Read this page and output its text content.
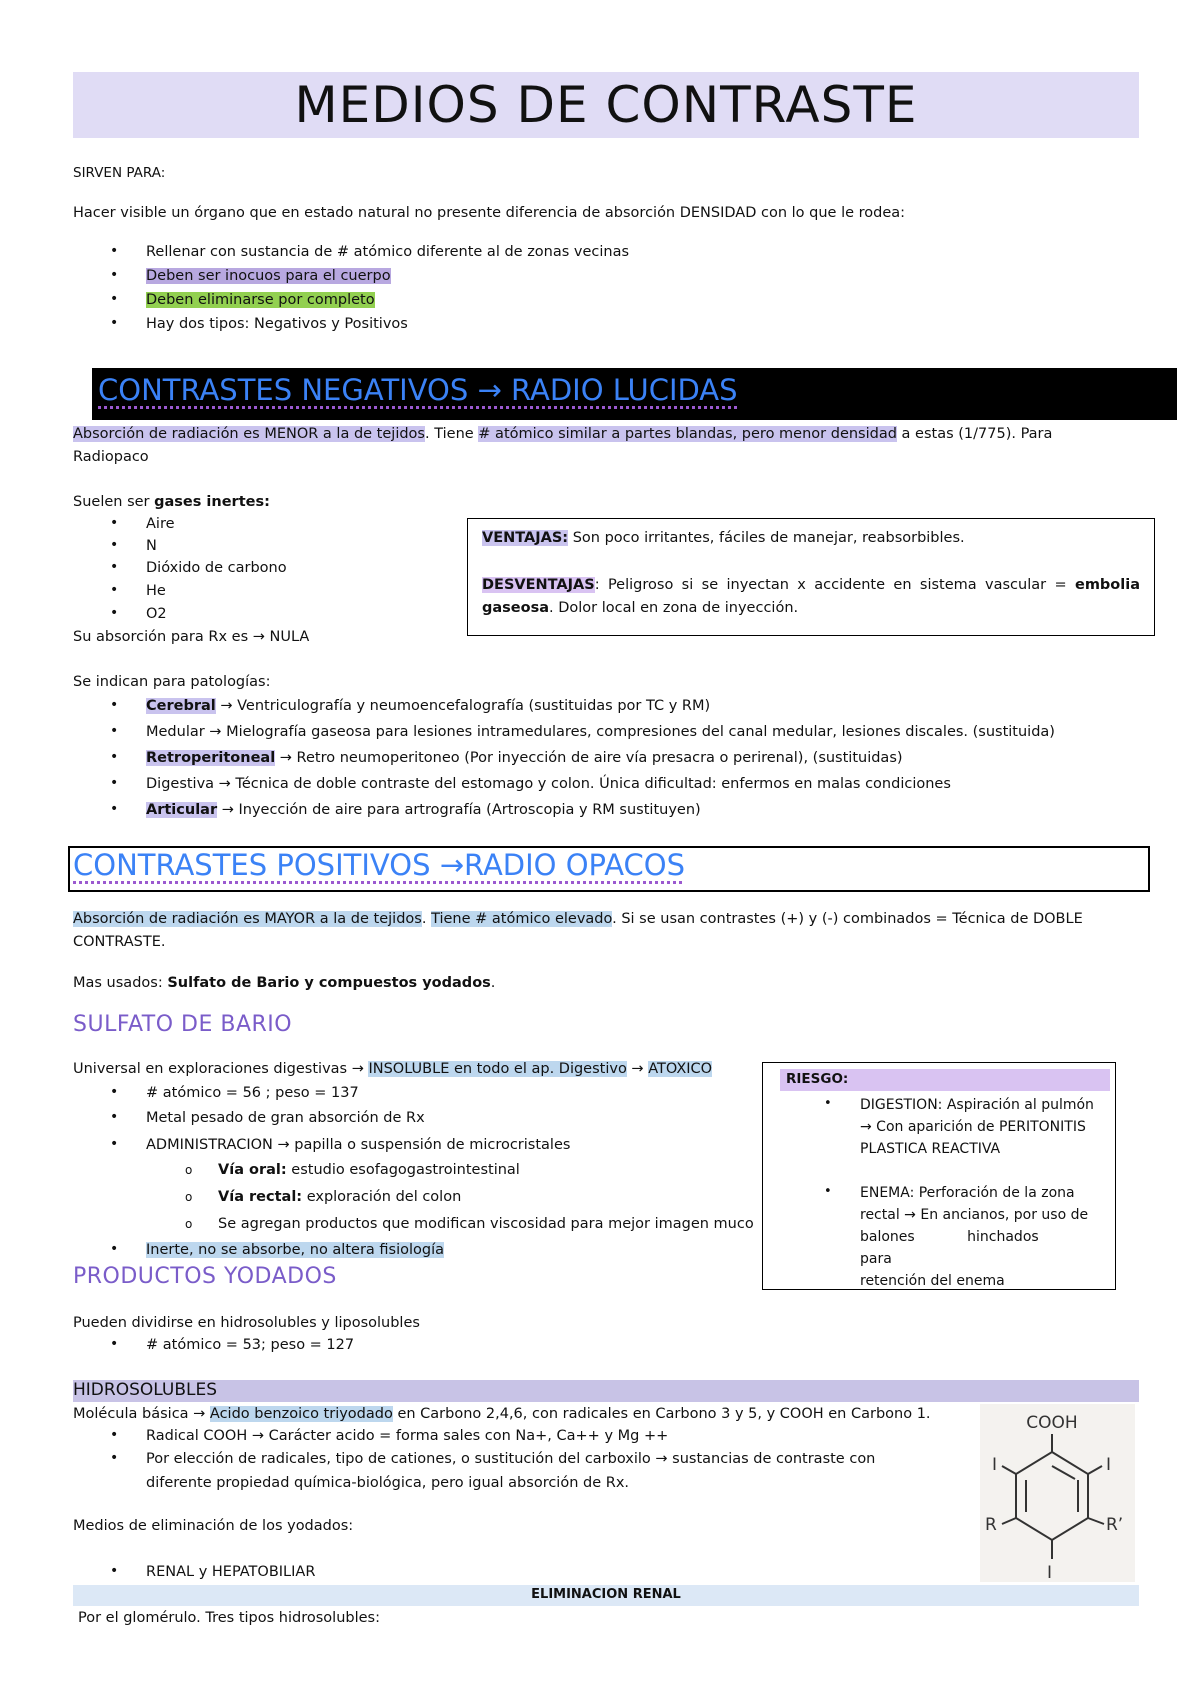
MEDIOS DE CONTRASTE
SIRVEN PARA:
Hacer visible un órgano que en estado natural no presente diferencia de absorción DENSIDAD con lo que le rodea:
• Rellenar con sustancia de # atómico diferente al de zonas vecinas
• Deben ser inocuos para el cuerpo
• Deben eliminarse por completo
• Hay dos tipos: Negativos y Positivos
CONTRASTES NEGATIVOS → RADIO LUCIDAS
Absorción de radiación es MENOR a la de tejidos. Tiene # atómico similar a partes blandas, pero menor densidad a estas (1/775). Para
Radiopaco
Suelen ser gases inertes:
• Aire
• N
• Dióxido de carbono
• He
• O2
Su absorción para Rx es → NULA
VENTAJAS: Son poco irritantes, fáciles de manejar, reabsorbibles.
DESVENTAJAS: Peligroso si se inyectan x accidente en sistema vascular = embolia gaseosa. Dolor local en zona de inyección.
Se indican para patologías:
• Cerebral → Ventriculografía y neumoencefalografía (sustituidas por TC y RM)
• Medular → Mielografía gaseosa para lesiones intramedulares, compresiones del canal medular, lesiones discales. (sustituida)
• Retroperitoneal → Retro neumoperitoneo (Por inyección de aire vía presacra o perirenal), (sustituidas)
• Digestiva → Técnica de doble contraste del estomago y colon. Única dificultad: enfermos en malas condiciones
• Articular → Inyección de aire para artrografía (Artroscopia y RM sustituyen)
CONTRASTES POSITIVOS →RADIO OPACOS
Absorción de radiación es MAYOR a la de tejidos. Tiene # atómico elevado. Si se usan contrastes (+) y (-) combinados = Técnica de DOBLE
CONTRASTE.
Mas usados: Sulfato de Bario y compuestos yodados.
SULFATO DE BARIO
Universal en exploraciones digestivas → INSOLUBLE en todo el ap. Digestivo → ATOXICO
• # atómico = 56 ; peso = 137
• Metal pesado de gran absorción de Rx
• ADMINISTRACION → papilla o suspensión de microcristales
o Vía oral: estudio esofagogastrointestinal
o Vía rectal: exploración del colon
o Se agregan productos que modifican viscosidad para mejor imagen muco
• Inerte, no se absorbe, no altera fisiología
RIESGO:
• DIGESTION: Aspiración al pulmón
→ Con aparición de PERITONITIS
PLASTICA REACTIVA
• ENEMA: Perforación de la zona
rectal → En ancianos, por uso de
balones hinchados para
retención del enema
PRODUCTOS YODADOS
Pueden dividirse en hidrosolubles y liposolubles
• # atómico = 53; peso = 127
HIDROSOLUBLES
Molécula básica → Acido benzoico triyodado en Carbono 2,4,6, con radicales en Carbono 3 y 5, y COOH en Carbono 1.
• Radical COOH → Carácter acido = forma sales con Na+, Ca++ y Mg ++
• Por elección de radicales, tipo de cationes, o sustitución del carboxilo → sustancias de contraste con
diferente propiedad química-biológica, pero igual absorción de Rx.
Medios de eliminación de los yodados:
• RENAL y HEPATOBILIAR
COOH
I
I
R’
R
I
ELIMINACION RENAL
Por el glomérulo. Tres tipos hidrosolubles:
